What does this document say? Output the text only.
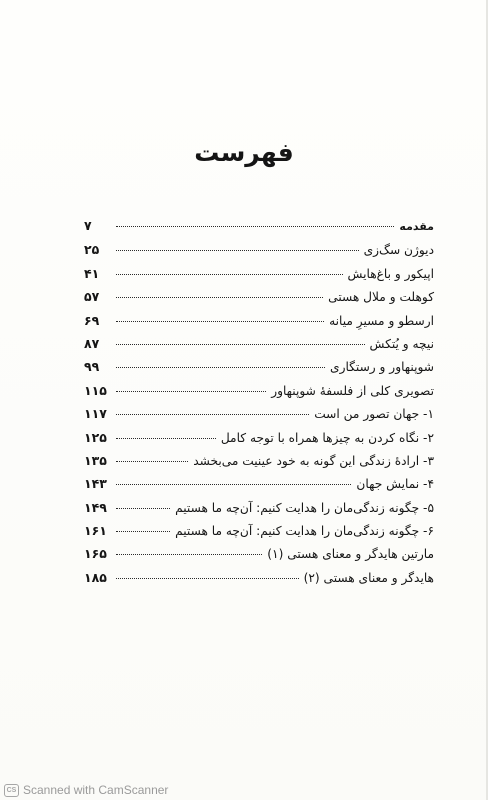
فهرست
مقدمه
۷
دیوژن سگ‌زی
۲۵
اپیکور و باغ‌هایش
۴۱
کوهلت و ملال هستی
۵۷
ارسطو و مسیرِ میانه
۶۹
نیچه و یُتکش
۸۷
شوپنهاور و رستگاری
۹۹
تصویری کلی از فلسفهٔ شوپنهاور
۱۱۵
۱- جهان تصور من است
۱۱۷
۲- نگاه کردن به چیزها همراه با توجه کامل
۱۲۵
۳- ارادهٔ زندگی این گونه به خود عینیت می‌بخشد
۱۳۵
۴- نمایش جهان
۱۴۳
۵- چگونه زندگی‌مان را هدایت کنیم: آن‌چه ما هستیم
۱۴۹
۶- چگونه زندگی‌مان را هدایت کنیم: آن‌چه ما هستیم
۱۶۱
مارتین هایدگر و معنای هستی (۱)
۱۶۵
هایدگر و معنای هستی (۲)
۱۸۵
CS Scanned with CamScanner
